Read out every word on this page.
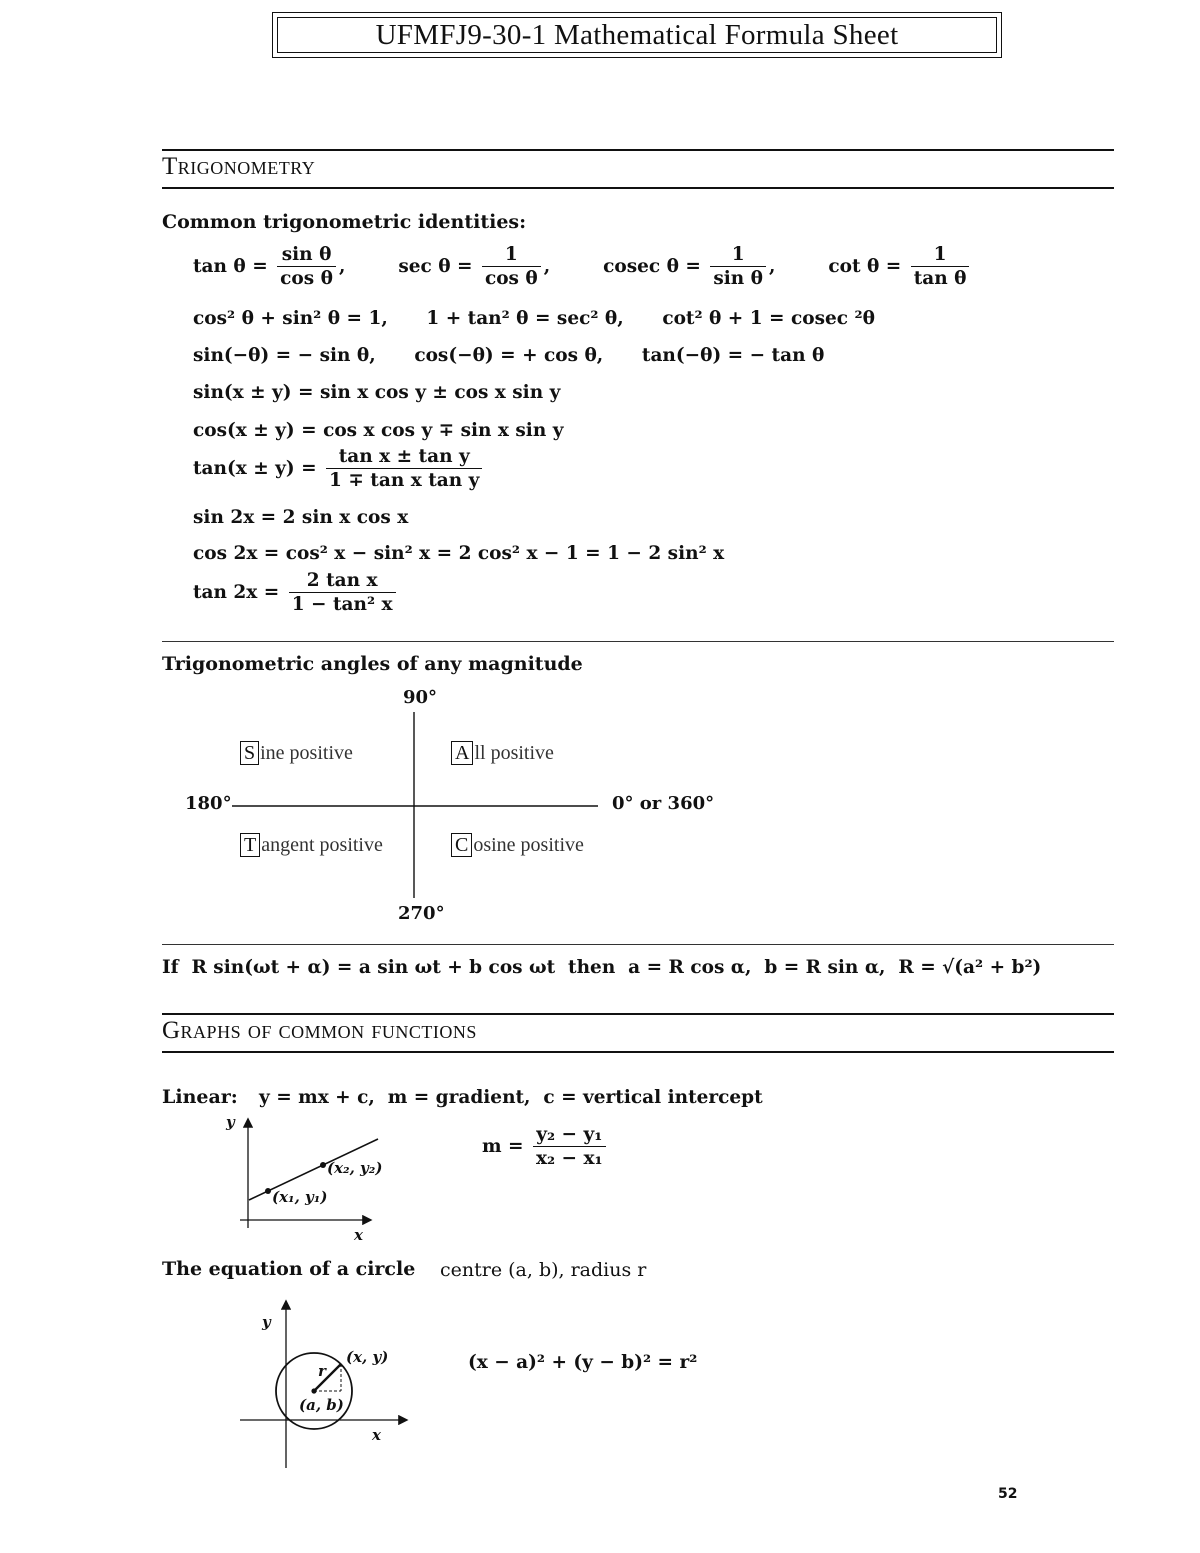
UFMFJ9-30-1 Mathematical Formula Sheet
Trigonometry
Common trigonometric identities:
$\tan \theta = \frac{\text{sin θ}}{\text{cos θ}}$ ,	$\sec \theta = \frac{1}{\text{cos θ}}$ ,	cosec $\theta = \frac{1}{\text{sin θ}}$ ,	$\cot \theta = \frac{1}{\text{tan θ}}$
cos² θ + sin² θ = 1,      1 + tan² θ = sec² θ,      cot² θ + 1 = cosec ²θ
sin(−θ) = − sin θ,      cos(−θ) = + cos θ,      tan(−θ) = − tan θ
sin(x ± y) = sin x cos y ± cos x sin y
cos(x ± y) = cos x cos y ∓ sin x sin y
$\tan(x \pm y) = \frac{\text{tan x ± tan y}}{\text{1 ∓ tan x tan y}}$
sin 2x = 2 sin x cos x
cos 2x = cos² x − sin² x = 2 cos² x − 1 = 1 − 2 sin² x
$\tan 2x = \frac{\text{2 tan x}}{\text{1 − tan² x}}$
Trigonometric angles of any magnitude
90°
180°	0° or 360°
270°
S ine positive	A ll positive
T angent positive	C osine positive
If  R sin(ωt + α) = a sin ωt + b cos ωt  then  a = R cos α,  b = R sin α,  R = √(a² + b²)
Graphs of common functions
Linear: y = mx + c,  m = gradient,  c = vertical intercept
y
x
(x₁, y₁)
(x₂, y₂)
$m = \frac{\text{y₂ − y₁}}{\text{x₂ − x₁}}$
The equation of a circle centre (a, b), radius r
y
x
(x, y)
(a, b)
r	(x − a)² + (y − b)² = r²
52
